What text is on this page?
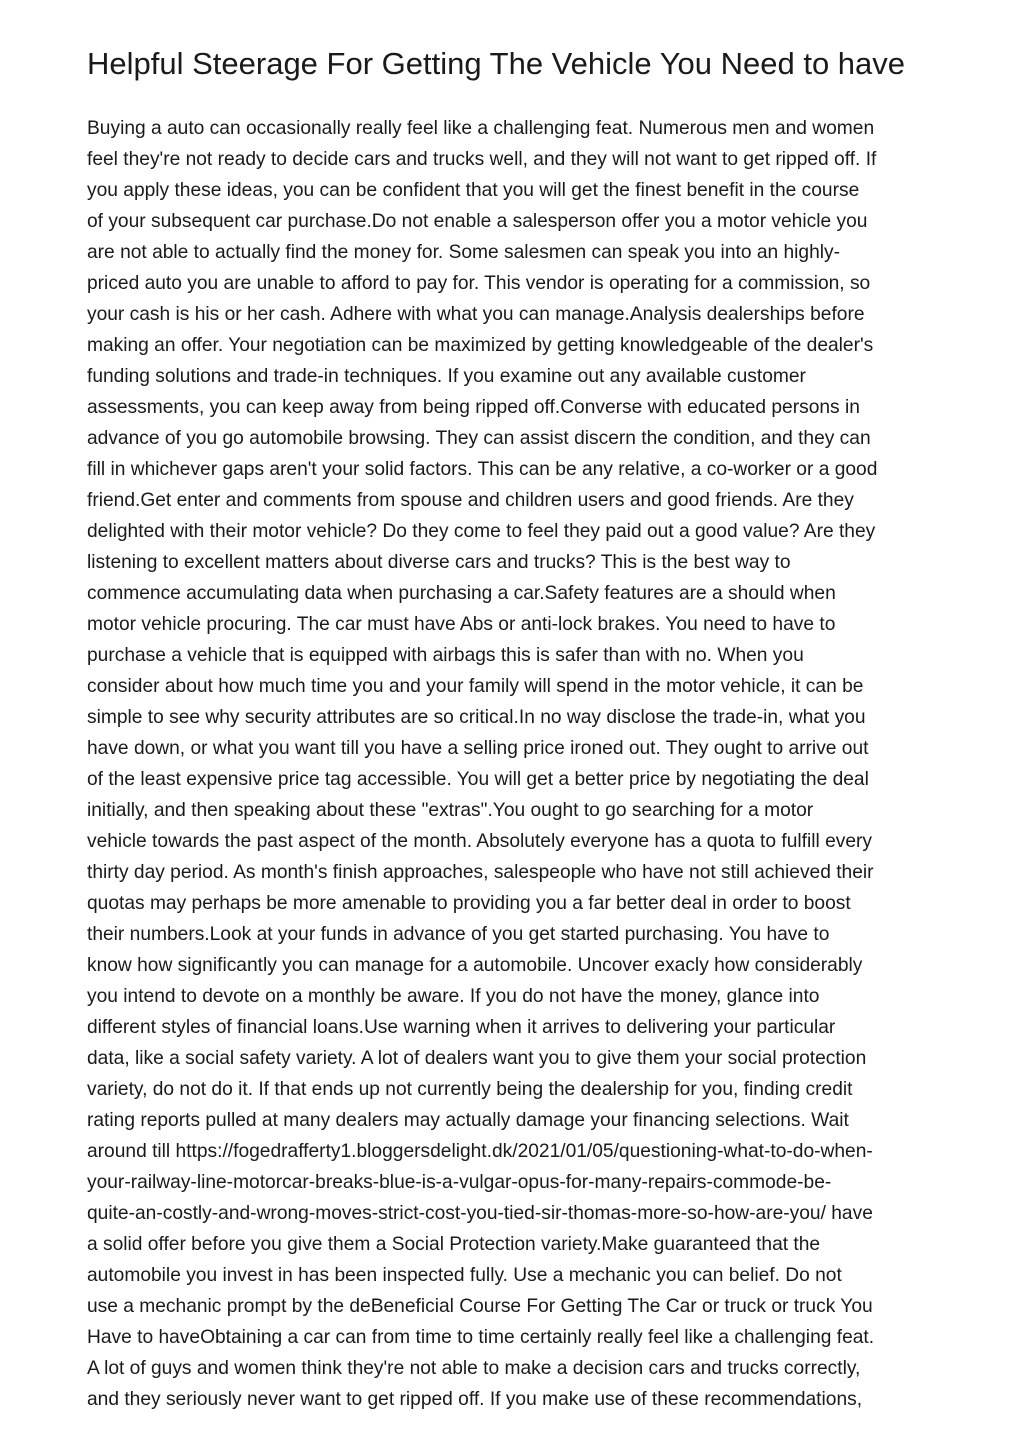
Helpful Steerage For Getting The Vehicle You Need to have
Buying a auto can occasionally really feel like a challenging feat. Numerous men and women
feel they're not ready to decide cars and trucks well, and they will not want to get ripped off. If
you apply these ideas, you can be confident that you will get the finest benefit in the course
of your subsequent car purchase.Do not enable a salesperson offer you a motor vehicle you
are not able to actually find the money for. Some salesmen can speak you into an highly-
priced auto you are unable to afford to pay for. This vendor is operating for a commission, so
your cash is his or her cash. Adhere with what you can manage.Analysis dealerships before
making an offer. Your negotiation can be maximized by getting knowledgeable of the dealer's
funding solutions and trade-in techniques. If you examine out any available customer
assessments, you can keep away from being ripped off.Converse with educated persons in
advance of you go automobile browsing. They can assist discern the condition, and they can
fill in whichever gaps aren't your solid factors. This can be any relative, a co-worker or a good
friend.Get enter and comments from spouse and children users and good friends. Are they
delighted with their motor vehicle? Do they come to feel they paid out a good value? Are they
listening to excellent matters about diverse cars and trucks? This is the best way to
commence accumulating data when purchasing a car.Safety features are a should when
motor vehicle procuring. The car must have Abs or anti-lock brakes. You need to have to
purchase a vehicle that is equipped with airbags this is safer than with no. When you
consider about how much time you and your family will spend in the motor vehicle, it can be
simple to see why security attributes are so critical.In no way disclose the trade-in, what you
have down, or what you want till you have a selling price ironed out. They ought to arrive out
of the least expensive price tag accessible. You will get a better price by negotiating the deal
initially, and then speaking about these "extras".You ought to go searching for a motor
vehicle towards the past aspect of the month. Absolutely everyone has a quota to fulfill every
thirty day period. As month's finish approaches, salespeople who have not still achieved their
quotas may perhaps be more amenable to providing you a far better deal in order to boost
their numbers.Look at your funds in advance of you get started purchasing. You have to
know how significantly you can manage for a automobile. Uncover exacly how considerably
you intend to devote on a monthly be aware. If you do not have the money, glance into
different styles of financial loans.Use warning when it arrives to delivering your particular
data, like a social safety variety. A lot of dealers want you to give them your social protection
variety, do not do it. If that ends up not currently being the dealership for you, finding credit
rating reports pulled at many dealers may actually damage your financing selections. Wait
around till https://fogedrafferty1.bloggersdelight.dk/2021/01/05/questioning-what-to-do-when-
your-railway-line-motorcar-breaks-blue-is-a-vulgar-opus-for-many-repairs-commode-be-
quite-an-costly-and-wrong-moves-strict-cost-you-tied-sir-thomas-more-so-how-are-you/ have
a solid offer before you give them a Social Protection variety.Make guaranteed that the
automobile you invest in has been inspected fully. Use a mechanic you can belief. Do not
use a mechanic prompt by the deBeneficial Course For Getting The Car or truck or truck You
Have to haveObtaining a car can from time to time certainly really feel like a challenging feat.
A lot of guys and women think they're not able to make a decision cars and trucks correctly,
and they seriously never want to get ripped off. If you make use of these recommendations,
